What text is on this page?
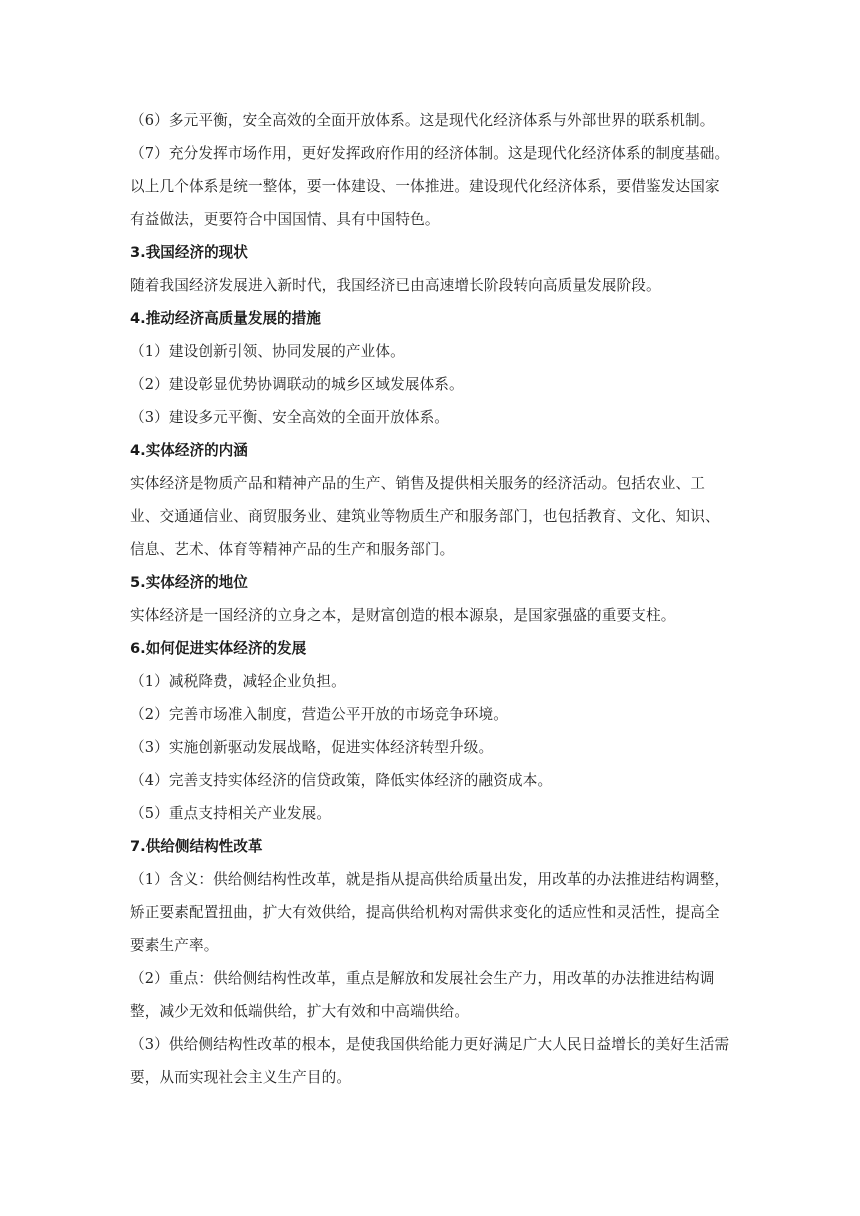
（6）多元平衡，安全高效的全面开放体系。这是现代化经济体系与外部世界的联系机制。

（7）充分发挥市场作用，更好发挥政府作用的经济体制。这是现代化经济体系的制度基础。

以上几个体系是统一整体，要一体建设、一体推进。建设现代化经济体系，要借鉴发达国家有益做法，更要符合中国国情、具有中国特色。

3.我国经济的现状

随着我国经济发展进入新时代，我国经济已由高速增长阶段转向高质量发展阶段。

4.推动经济高质量发展的措施

（1）建设创新引领、协同发展的产业体。

（2）建设彰显优势协调联动的城乡区域发展体系。

（3）建设多元平衡、安全高效的全面开放体系。

4.实体经济的内涵

实体经济是物质产品和精神产品的生产、销售及提供相关服务的经济活动。包括农业、工业、交通通信业、商贸服务业、建筑业等物质生产和服务部门，也包括教育、文化、知识、信息、艺术、体育等精神产品的生产和服务部门。

5.实体经济的地位

实体经济是一国经济的立身之本，是财富创造的根本源泉，是国家强盛的重要支柱。

6.如何促进实体经济的发展

（1）减税降费，减轻企业负担。

（2）完善市场准入制度，营造公平开放的市场竞争环境。

（3）实施创新驱动发展战略，促进实体经济转型升级。

（4）完善支持实体经济的信贷政策，降低实体经济的融资成本。

（5）重点支持相关产业发展。

7.供给侧结构性改革

（1）含义：供给侧结构性改革，就是指从提高供给质量出发，用改革的办法推进结构调整，矫正要素配置扭曲，扩大有效供给，提高供给机构对需供求变化的适应性和灵活性，提高全要素生产率。

（2）重点：供给侧结构性改革，重点是解放和发展社会生产力，用改革的办法推进结构调整，减少无效和低端供给，扩大有效和中高端供给。

（3）供给侧结构性改革的根本，是使我国供给能力更好满足广大人民日益增长的美好生活需要，从而实现社会主义生产目的。
